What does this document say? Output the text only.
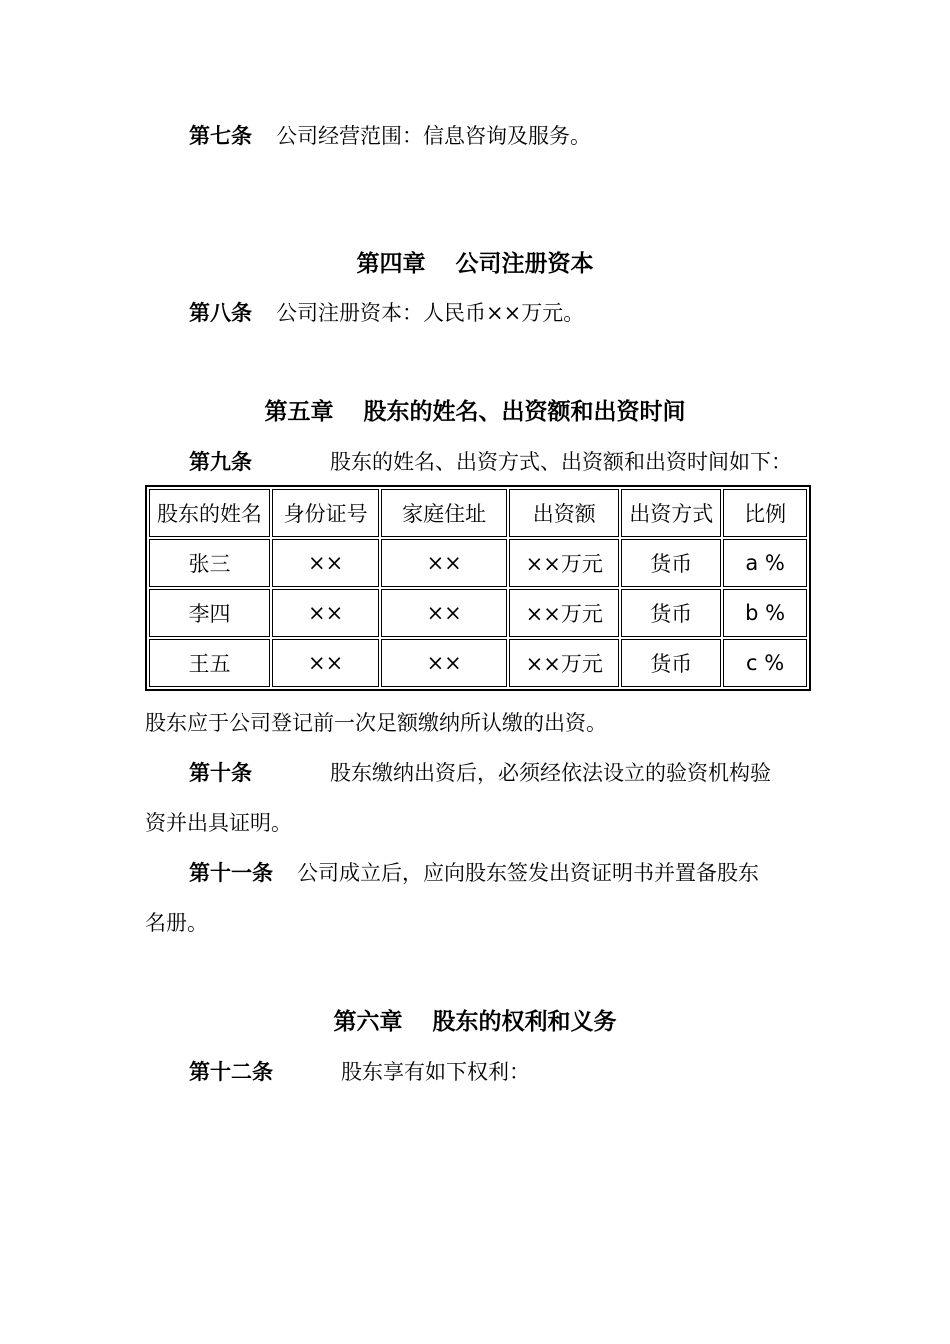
第七条 公司经营范围：信息咨询及服务。
第四章 公司注册资本
第八条 公司注册资本：人民币××万元。
第五章 股东的姓名、出资额和出资时间
第九条	股东的姓名、出资方式、出资额和出资时间如下：
股东的姓名	身份证号	家庭住址	出资额	出资方式	比例
张三	××	××	××万元	货币	a %
李四	××	××	××万元	货币	b %
王五	××	××	××万元	货币	c %
股东应于公司登记前一次足额缴纳所认缴的出资。
第十条	股东缴纳出资后，必须经依法设立的验资机构验
资并出具证明。
第十一条 公司成立后，应向股东签发出资证明书并置备股东
名册。
第六章 股东的权利和义务
第十二条	股东享有如下权利：
